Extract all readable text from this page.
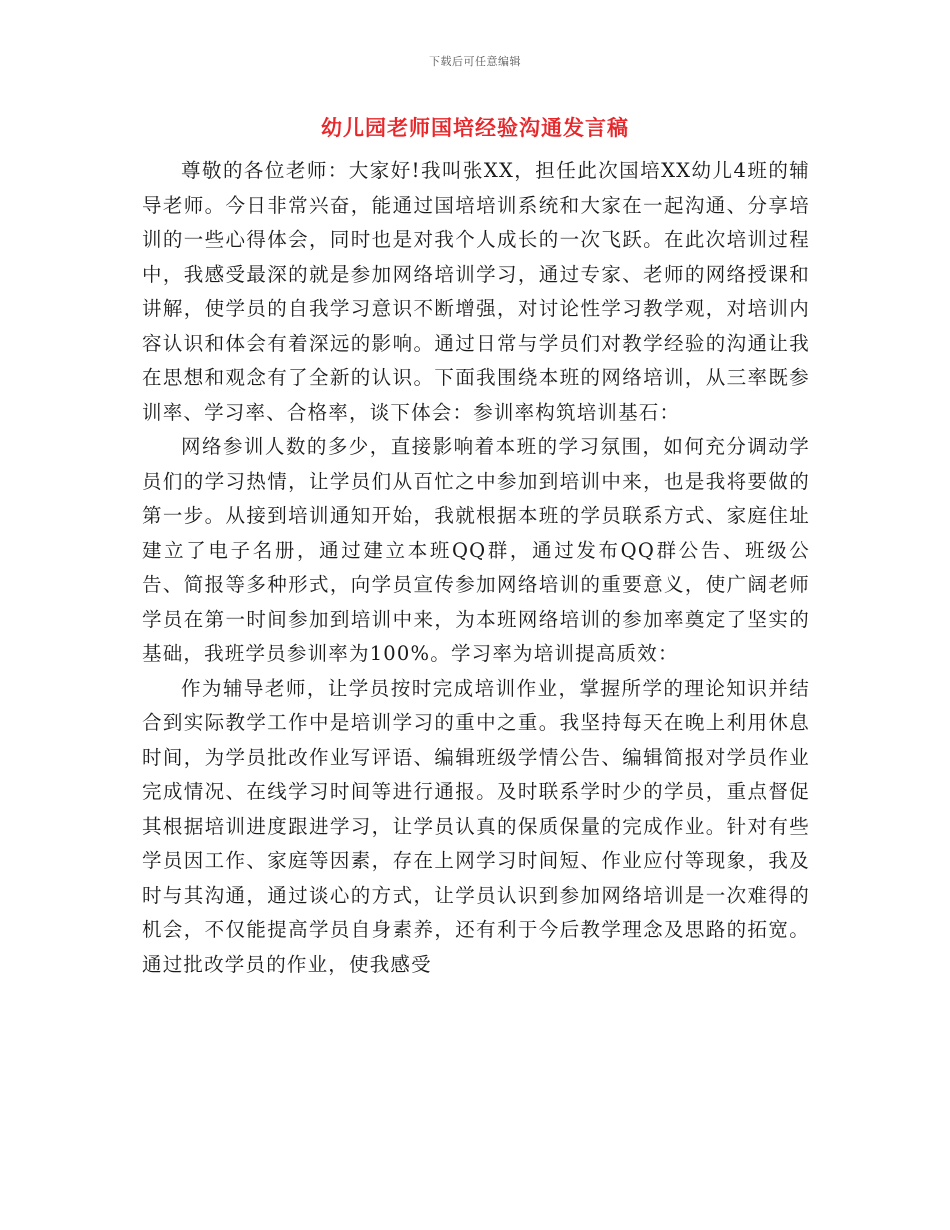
下载后可任意编辑
幼儿园老师国培经验沟通发言稿

尊敬的各位老师：大家好!我叫张XX，担任此次国培XX幼儿4班的辅导老师。今日非常兴奋，能通过国培培训系统和大家在一起沟通、分享培训的一些心得体会，同时也是对我个人成长的一次飞跃。在此次培训过程中，我感受最深的就是参加网络培训学习，通过专家、老师的网络授课和讲解，使学员的自我学习意识不断增强，对讨论性学习教学观，对培训内容认识和体会有着深远的影响。通过日常与学员们对教学经验的沟通让我在思想和观念有了全新的认识。下面我围绕本班的网络培训，从三率既参训率、学习率、合格率，谈下体会：参训率构筑培训基石：

网络参训人数的多少，直接影响着本班的学习氛围，如何充分调动学员们的学习热情，让学员们从百忙之中参加到培训中来，也是我将要做的第一步。从接到培训通知开始，我就根据本班的学员联系方式、家庭住址建立了电子名册，通过建立本班QQ群，通过发布QQ群公告、班级公告、简报等多种形式，向学员宣传参加网络培训的重要意义，使广阔老师学员在第一时间参加到培训中来，为本班网络培训的参加率奠定了坚实的基础，我班学员参训率为100%。学习率为培训提高质效：

作为辅导老师，让学员按时完成培训作业，掌握所学的理论知识并结合到实际教学工作中是培训学习的重中之重。我坚持每天在晚上利用休息时间，为学员批改作业写评语、编辑班级学情公告、编辑简报对学员作业完成情况、在线学习时间等进行通报。及时联系学时少的学员，重点督促其根据培训进度跟进学习，让学员认真的保质保量的完成作业。针对有些学员因工作、家庭等因素，存在上网学习时间短、作业应付等现象，我及时与其沟通，通过谈心的方式，让学员认识到参加网络培训是一次难得的机会，不仅能提高学员自身素养，还有利于今后教学理念及思路的拓宽。通过批改学员的作业，使我感受
